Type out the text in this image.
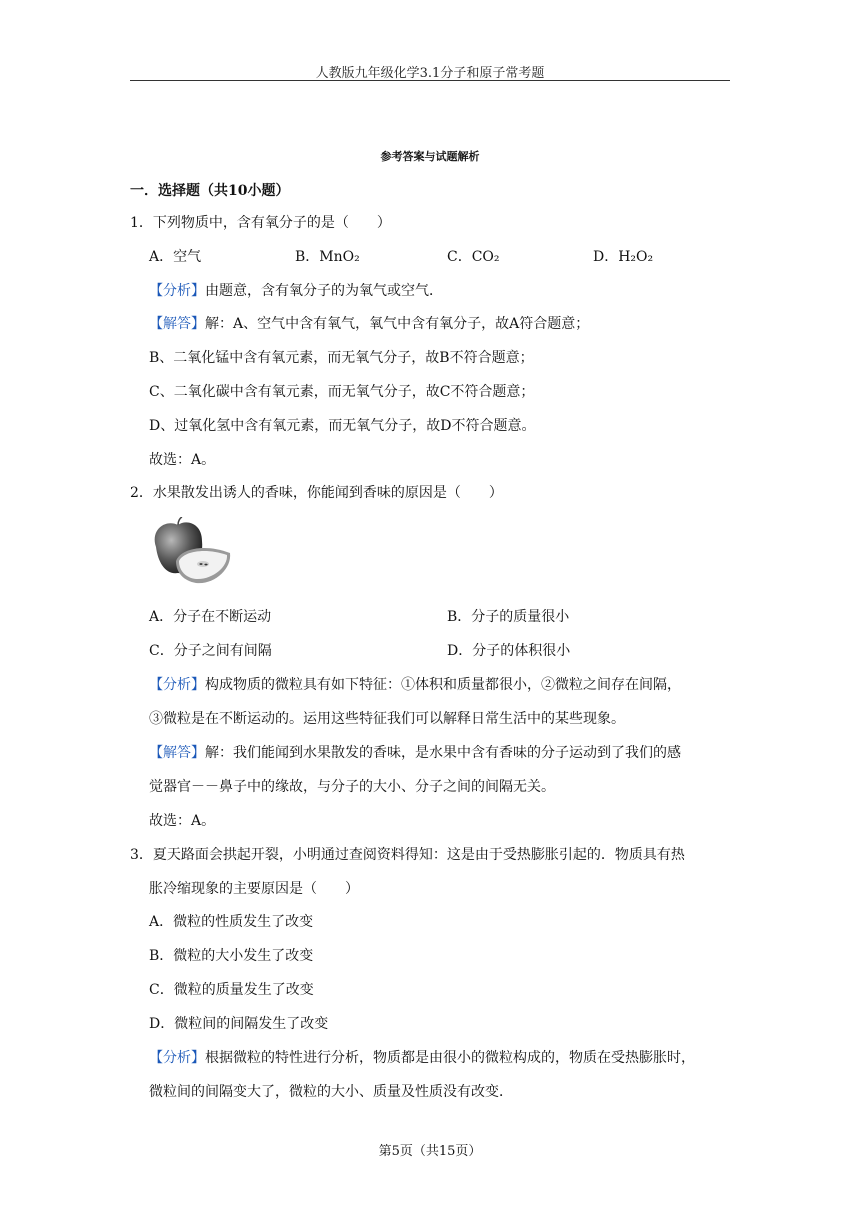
人教版九年级化学3.1分子和原子常考题
参考答案与试题解析
一．选择题（共10小题）
1．下列物质中，含有氧分子的是（　　）
A．空气	B．MnO₂	C．CO₂	D．H₂O₂
【分析】由题意，含有氧分子的为氧气或空气．
【解答】解：A、空气中含有氧气，氧气中含有氧分子，故A符合题意；
B、二氧化锰中含有氧元素，而无氧气分子，故B不符合题意；
C、二氧化碳中含有氧元素，而无氧气分子，故C不符合题意；
D、过氧化氢中含有氧元素，而无氧气分子，故D不符合题意。
故选：A。
2．水果散发出诱人的香味，你能闻到香味的原因是（　　）
A．分子在不断运动	B．分子的质量很小
C．分子之间有间隔	D．分子的体积很小
【分析】构成物质的微粒具有如下特征：①体积和质量都很小，②微粒之间存在间隔，
③微粒是在不断运动的。运用这些特征我们可以解释日常生活中的某些现象。
【解答】解：我们能闻到水果散发的香味，是水果中含有香味的分子运动到了我们的感
觉器官－－鼻子中的缘故，与分子的大小、分子之间的间隔无关。
故选：A。
3．夏天路面会拱起开裂，小明通过查阅资料得知：这是由于受热膨胀引起的．物质具有热
胀冷缩现象的主要原因是（　　）
A．微粒的性质发生了改变
B．微粒的大小发生了改变
C．微粒的质量发生了改变
D．微粒间的间隔发生了改变
【分析】根据微粒的特性进行分析，物质都是由很小的微粒构成的，物质在受热膨胀时，
微粒间的间隔变大了，微粒的大小、质量及性质没有改变．
第5页（共15页）
